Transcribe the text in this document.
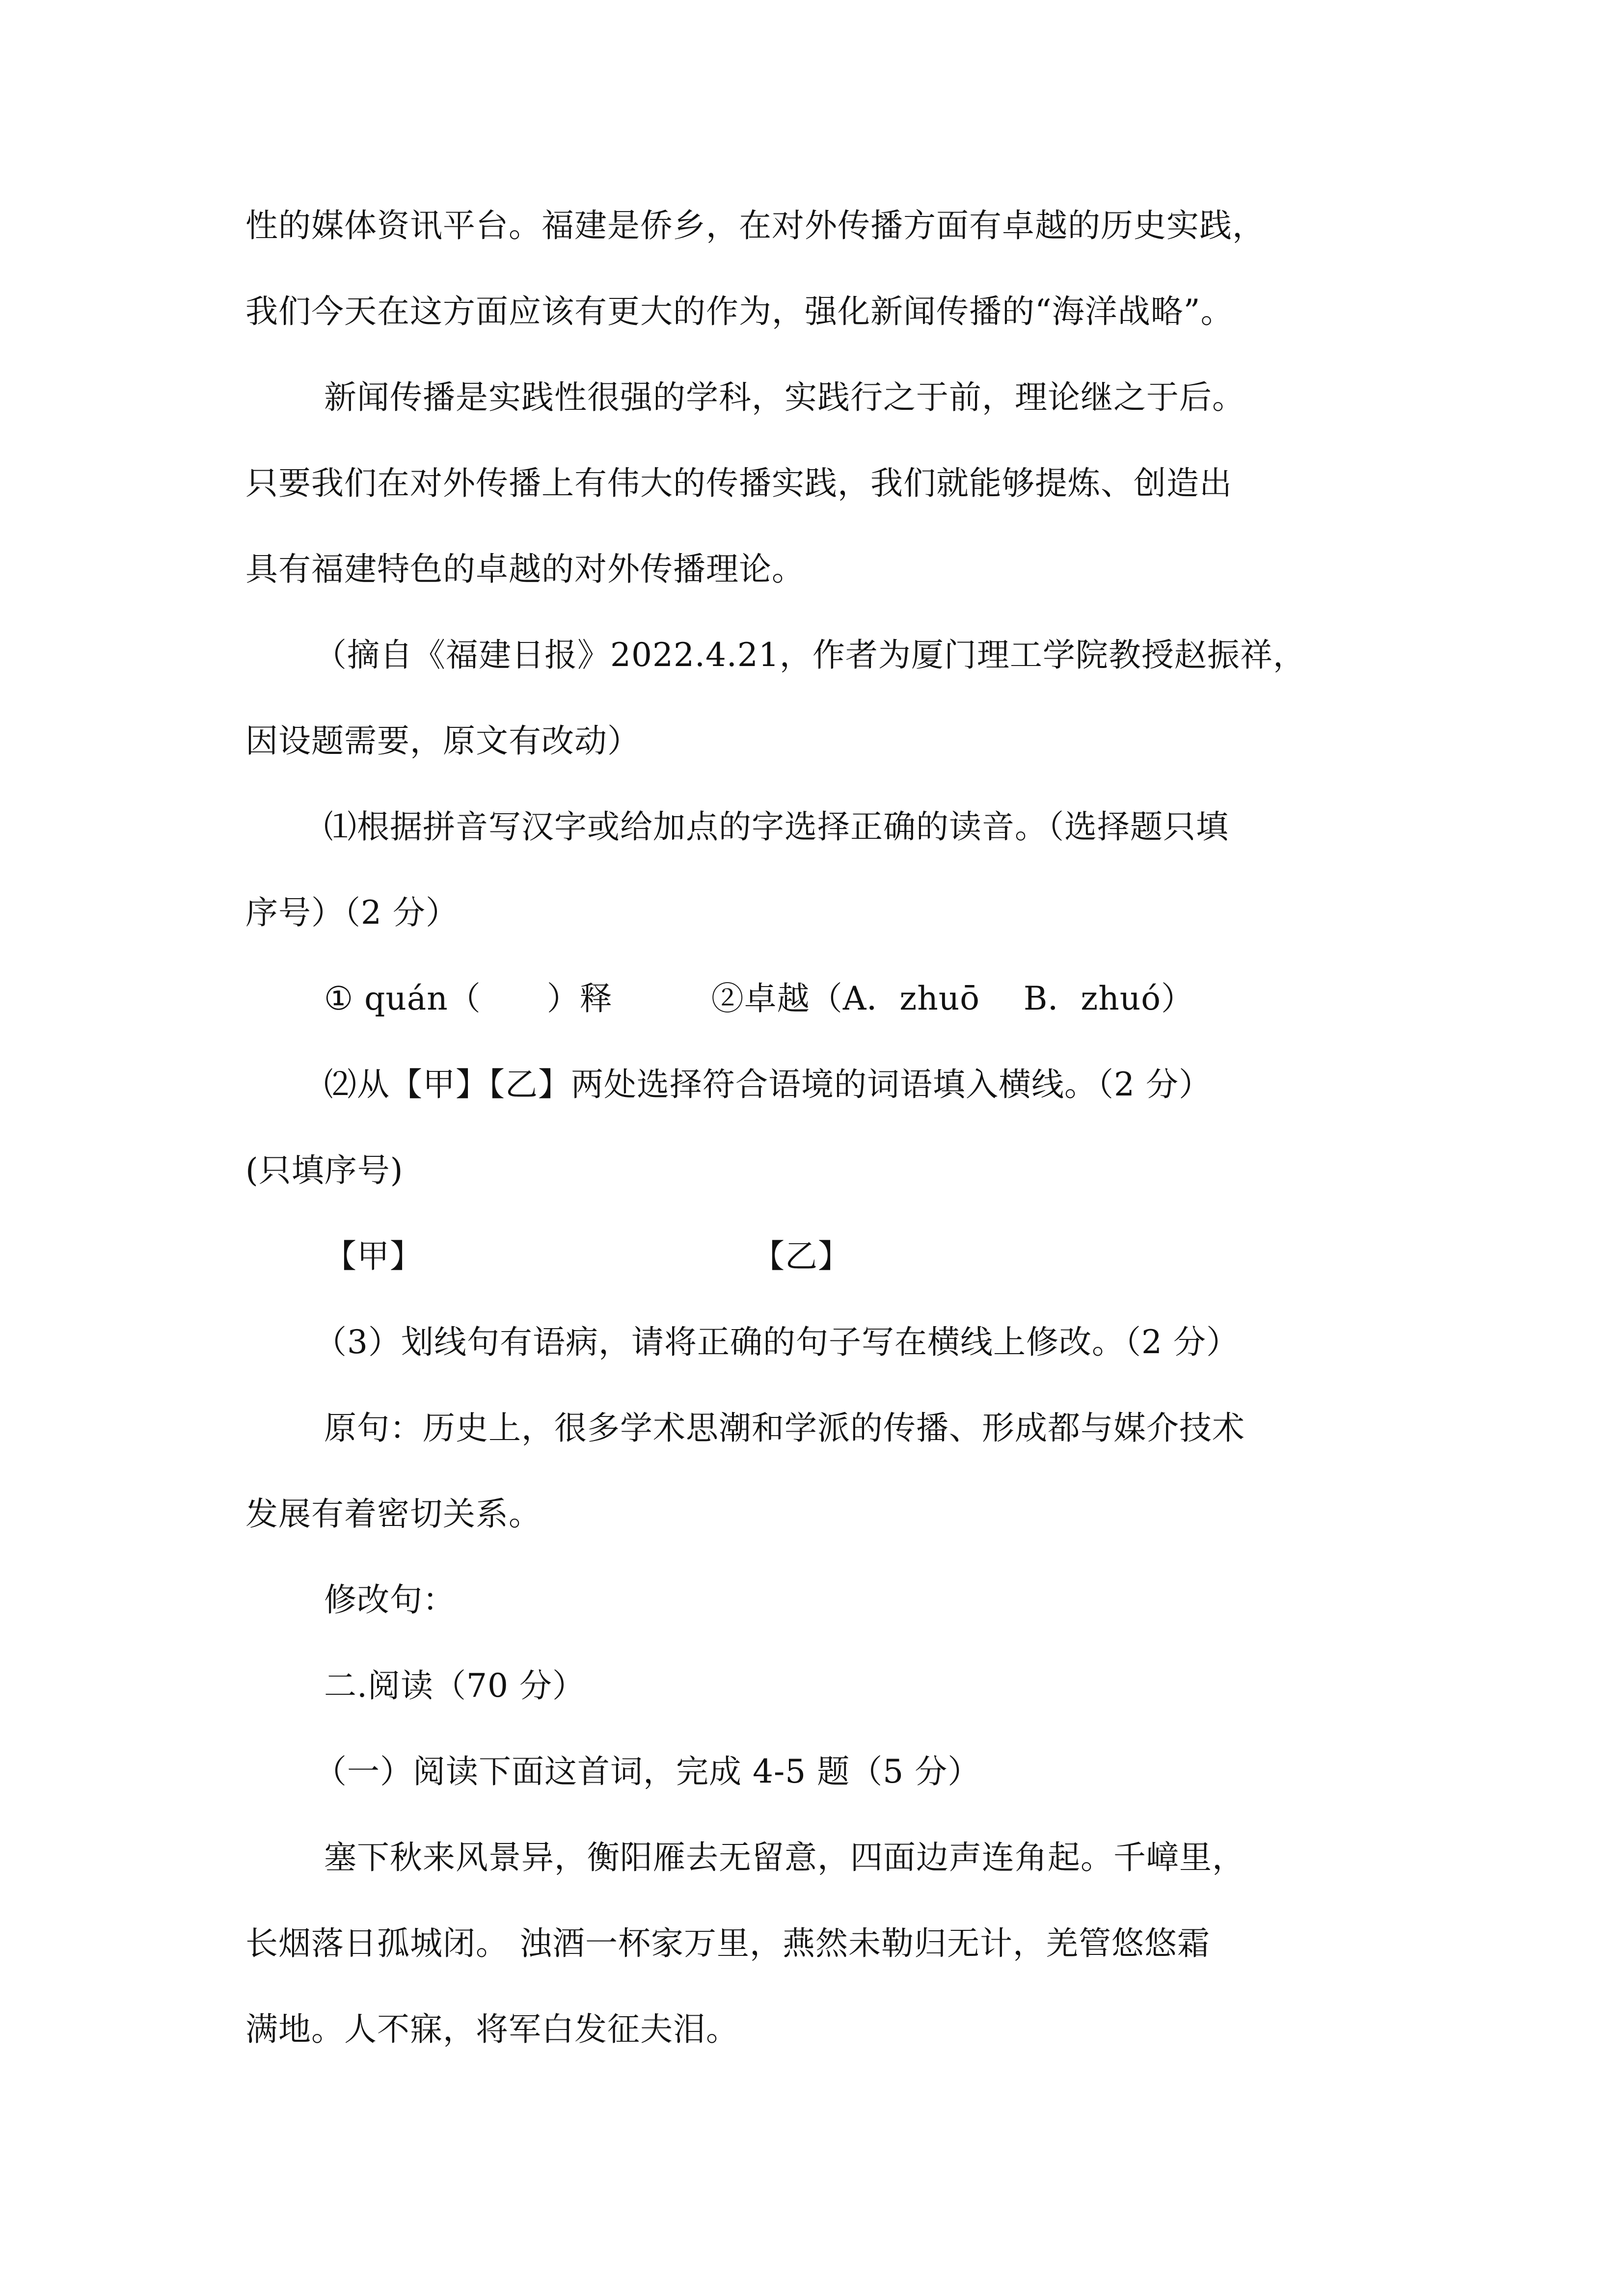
性的媒体资讯平台。福建是侨乡，在对外传播方面有卓越的历史实践，
我们今天在这方面应该有更大的作为，强化新闻传播的“海洋战略”。
新闻传播是实践性很强的学科，实践行之于前，理论继之于后。
只要我们在对外传播上有伟大的传播实践，我们就能够提炼、创造出
具有福建特色的卓越的对外传播理论。
（摘自《福建日报》2022.4.21，作者为厦门理工学院教授赵振祥，
因设题需要，原文有改动）
⑴根据拼音写汉字或给加点的字选择正确的读音。（选择题只填
序号）（2 分）
① quán（　　）释　　　②卓越（A．zhuō　 B．zhuó）
⑵从【甲】【乙】两处选择符合语境的词语填入横线。（2 分）
(只填序号)
【甲】　　　　　　　　　　　【乙】
（3）划线句有语病，请将正确的句子写在横线上修改。（2 分）
原句：历史上，很多学术思潮和学派的传播、形成都与媒介技术
发展有着密切关系。
修改句：
二.阅读（70 分）
（一）阅读下面这首词，完成 4-5 题（5 分）
塞下秋来风景异，衡阳雁去无留意，四面边声连角起。千嶂里，
长烟落日孤城闭。 浊酒一杯家万里，燕然未勒归无计，羌管悠悠霜
满地。人不寐，将军白发征夫泪。
